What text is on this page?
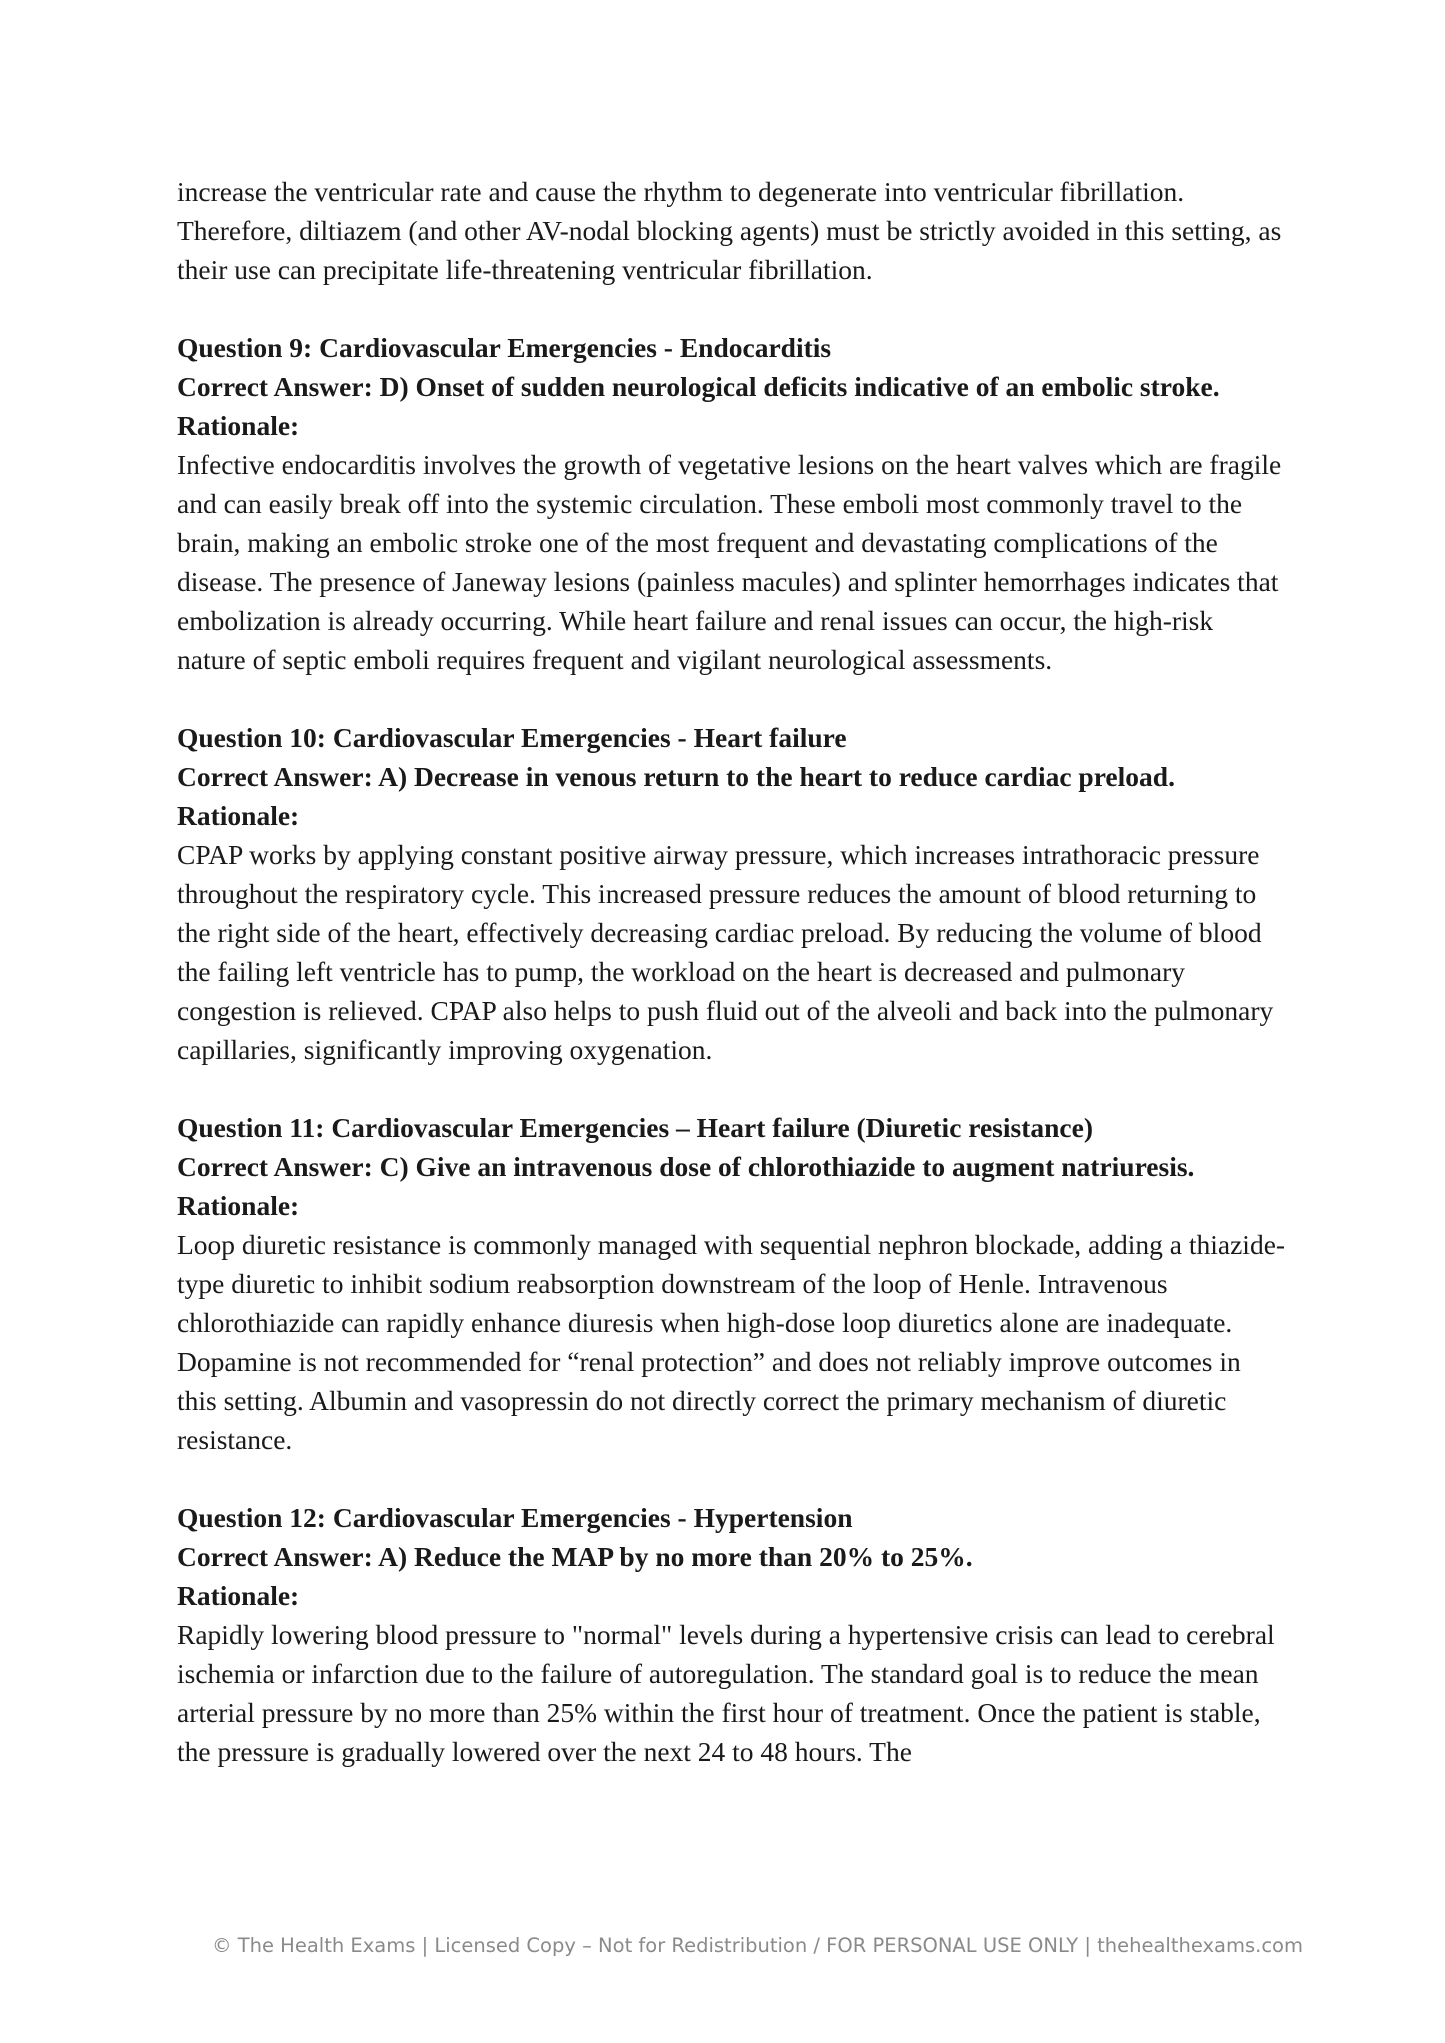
increase the ventricular rate and cause the rhythm to degenerate into ventricular fibrillation. Therefore, diltiazem (and other AV-nodal blocking agents) must be strictly avoided in this setting, as their use can precipitate life-threatening ventricular fibrillation.

Question 9: Cardiovascular Emergencies - Endocarditis

Correct Answer: D) Onset of sudden neurological deficits indicative of an embolic stroke.

Rationale:

Infective endocarditis involves the growth of vegetative lesions on the heart valves which are fragile and can easily break off into the systemic circulation. These emboli most commonly travel to the brain, making an embolic stroke one of the most frequent and devastating complications of the disease. The presence of Janeway lesions (painless macules) and splinter hemorrhages indicates that embolization is already occurring. While heart failure and renal issues can occur, the high-risk nature of septic emboli requires frequent and vigilant neurological assessments.

Question 10: Cardiovascular Emergencies - Heart failure

Correct Answer: A) Decrease in venous return to the heart to reduce cardiac preload.

Rationale:

CPAP works by applying constant positive airway pressure, which increases intrathoracic pressure throughout the respiratory cycle. This increased pressure reduces the amount of blood returning to the right side of the heart, effectively decreasing cardiac preload. By reducing the volume of blood the failing left ventricle has to pump, the workload on the heart is decreased and pulmonary congestion is relieved. CPAP also helps to push fluid out of the alveoli and back into the pulmonary capillaries, significantly improving oxygenation.

Question 11: Cardiovascular Emergencies – Heart failure (Diuretic resistance)

Correct Answer: C) Give an intravenous dose of chlorothiazide to augment natriuresis.

Rationale:

Loop diuretic resistance is commonly managed with sequential nephron blockade, adding a thiazide-type diuretic to inhibit sodium reabsorption downstream of the loop of Henle. Intravenous chlorothiazide can rapidly enhance diuresis when high-dose loop diuretics alone are inadequate. Dopamine is not recommended for “renal protection” and does not reliably improve outcomes in this setting. Albumin and vasopressin do not directly correct the primary mechanism of diuretic resistance.

Question 12: Cardiovascular Emergencies - Hypertension

Correct Answer: A) Reduce the MAP by no more than 20% to 25%.

Rationale:

Rapidly lowering blood pressure to "normal" levels during a hypertensive crisis can lead to cerebral ischemia or infarction due to the failure of autoregulation. The standard goal is to reduce the mean arterial pressure by no more than 25% within the first hour of treatment. Once the patient is stable, the pressure is gradually lowered over the next 24 to 48 hours. The

© The Health Exams | Licensed Copy – Not for Redistribution / FOR PERSONAL USE ONLY | thehealthexams.com
